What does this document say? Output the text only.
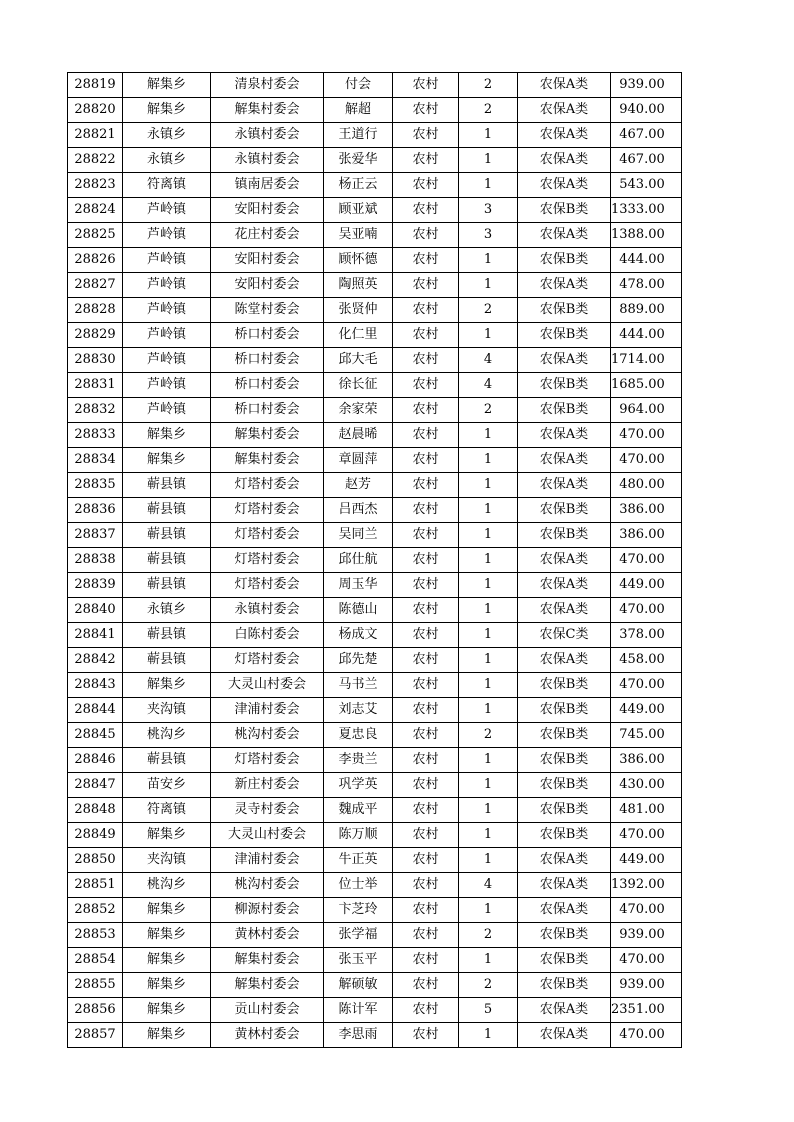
28819	解集乡	清泉村委会	付会	农村	2	农保A类	939.00
28820	解集乡	解集村委会	解超	农村	2	农保A类	940.00
28821	永镇乡	永镇村委会	王道行	农村	1	农保A类	467.00
28822	永镇乡	永镇村委会	张爱华	农村	1	农保A类	467.00
28823	符离镇	镇南居委会	杨正云	农村	1	农保A类	543.00
28824	芦岭镇	安阳村委会	顾亚斌	农村	3	农保B类	1333.00
28825	芦岭镇	花庄村委会	吴亚喃	农村	3	农保A类	1388.00
28826	芦岭镇	安阳村委会	顾怀德	农村	1	农保B类	444.00
28827	芦岭镇	安阳村委会	陶照英	农村	1	农保A类	478.00
28828	芦岭镇	陈堂村委会	张贤仲	农村	2	农保B类	889.00
28829	芦岭镇	桥口村委会	化仁里	农村	1	农保B类	444.00
28830	芦岭镇	桥口村委会	邱大毛	农村	4	农保A类	1714.00
28831	芦岭镇	桥口村委会	徐长征	农村	4	农保B类	1685.00
28832	芦岭镇	桥口村委会	余家荣	农村	2	农保B类	964.00
28833	解集乡	解集村委会	赵晨晞	农村	1	农保A类	470.00
28834	解集乡	解集村委会	章圆萍	农村	1	农保A类	470.00
28835	蕲县镇	灯塔村委会	赵芳	农村	1	农保A类	480.00
28836	蕲县镇	灯塔村委会	吕西杰	农村	1	农保B类	386.00
28837	蕲县镇	灯塔村委会	吴同兰	农村	1	农保B类	386.00
28838	蕲县镇	灯塔村委会	邱仕航	农村	1	农保A类	470.00
28839	蕲县镇	灯塔村委会	周玉华	农村	1	农保A类	449.00
28840	永镇乡	永镇村委会	陈德山	农村	1	农保A类	470.00
28841	蕲县镇	白陈村委会	杨成文	农村	1	农保C类	378.00
28842	蕲县镇	灯塔村委会	邱先楚	农村	1	农保A类	458.00
28843	解集乡	大灵山村委会	马书兰	农村	1	农保B类	470.00
28844	夹沟镇	津浦村委会	刘志艾	农村	1	农保B类	449.00
28845	桃沟乡	桃沟村委会	夏忠良	农村	2	农保B类	745.00
28846	蕲县镇	灯塔村委会	李贵兰	农村	1	农保B类	386.00
28847	苗安乡	新庄村委会	巩学英	农村	1	农保B类	430.00
28848	符离镇	灵寺村委会	魏成平	农村	1	农保B类	481.00
28849	解集乡	大灵山村委会	陈万顺	农村	1	农保B类	470.00
28850	夹沟镇	津浦村委会	牛正英	农村	1	农保A类	449.00
28851	桃沟乡	桃沟村委会	位士举	农村	4	农保A类	1392.00
28852	解集乡	柳源村委会	卞芝玲	农村	1	农保A类	470.00
28853	解集乡	黄林村委会	张学福	农村	2	农保B类	939.00
28854	解集乡	解集村委会	张玉平	农村	1	农保B类	470.00
28855	解集乡	解集村委会	解硕敏	农村	2	农保B类	939.00
28856	解集乡	贡山村委会	陈计军	农村	5	农保A类	2351.00
28857	解集乡	黄林村委会	李思雨	农村	1	农保A类	470.00
